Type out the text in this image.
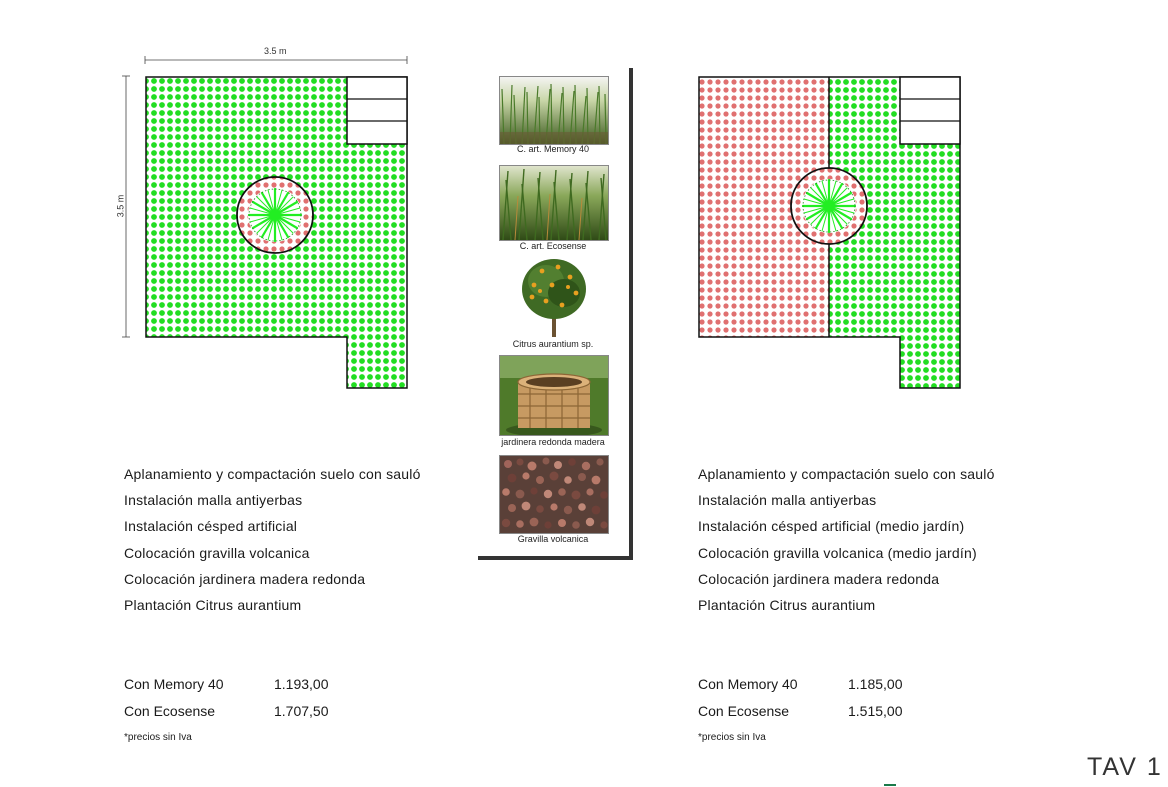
3.5 m
3.5 m
C. art. Memory 40
C. art. Ecosense
Citrus aurantium sp.
jardinera redonda madera
Gravilla volcanica
Aplanamiento y compactación suelo con sauló
Instalación malla antiyerbas
Instalación césped artificial
Colocación gravilla volcanica
Colocación jardinera madera redonda
Plantación Citrus aurantium
Con Memory 40	1.193,00
Con Ecosense	1.707,50
*precios sin Iva
Aplanamiento y compactación suelo con sauló
Instalación malla antiyerbas
Instalación césped artificial (medio jardín)
Colocación gravilla volcanica (medio jardín)
Colocación jardinera madera redonda
Plantación Citrus aurantium
Con Memory 40	1.185,00
Con Ecosense	1.515,00
*precios sin Iva
TAV 1
